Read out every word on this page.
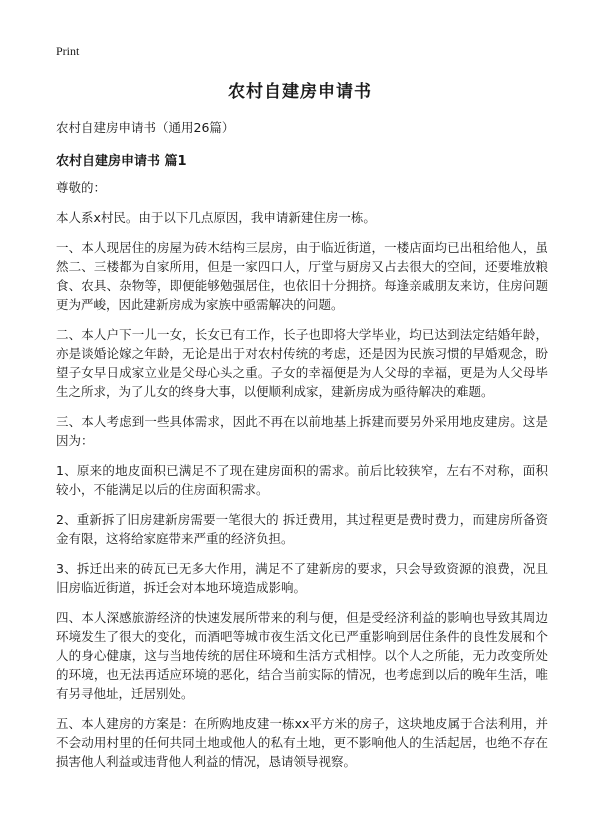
Print
农村自建房申请书
农村自建房申请书（通用26篇）
农村自建房申请书 篇1

尊敬的：

本人系x村民。由于以下几点原因，我申请新建住房一栋。

一、本人现居住的房屋为砖木结构三层房，由于临近街道，一楼店面均已出租给他人，虽然二、三楼都为自家所用，但是一家四口人，厅堂与厨房又占去很大的空间，还要堆放粮食、农具、杂物等，即便能够勉强居住，也依旧十分拥挤。每逢亲戚朋友来访，住房问题更为严峻，因此建新房成为家族中亟需解决的问题。

二、本人户下一儿一女，长女已有工作，长子也即将大学毕业，均已达到法定结婚年龄，亦是谈婚论嫁之年龄，无论是出于对农村传统的考虑，还是因为民族习惯的早婚观念，盼望子女早日成家立业是父母心头之重。子女的幸福便是为人父母的幸福，更是为人父母毕生之所求，为了儿女的终身大事，以便顺利成家，建新房成为亟待解决的难题。

三、本人考虑到一些具体需求，因此不再在以前地基上拆建而要另外采用地皮建房。这是因为：

1、原来的地皮面积已满足不了现在建房面积的需求。前后比较狭窄，左右不对称，面积较小，不能满足以后的住房面积需求。

2、重新拆了旧房建新房需要一笔很大的 拆迁费用，其过程更是费时费力，而建房所备资金有限，这将给家庭带来严重的经济负担。

3、拆迁出来的砖瓦已无多大作用，满足不了建新房的要求，只会导致资源的浪费，况且旧房临近街道，拆迁会对本地环境造成影响。

四、本人深感旅游经济的快速发展所带来的利与便，但是受经济利益的影响也导致其周边环境发生了很大的变化，而酒吧等城市夜生活文化已严重影响到居住条件的良性发展和个人的身心健康，这与当地传统的居住环境和生活方式相悖。以个人之所能，无力改变所处的环境，也无法再适应环境的恶化，结合当前实际的情况，也考虑到以后的晚年生活，唯有另寻他址，迁居别处。

五、本人建房的方案是：在所购地皮建一栋xx平方米的房子，这块地皮属于合法利用，并不会动用村里的任何共同土地或他人的私有土地，更不影响他人的生活起居，也绝不存在损害他人利益或违背他人利益的情况，恳请领导视察。
